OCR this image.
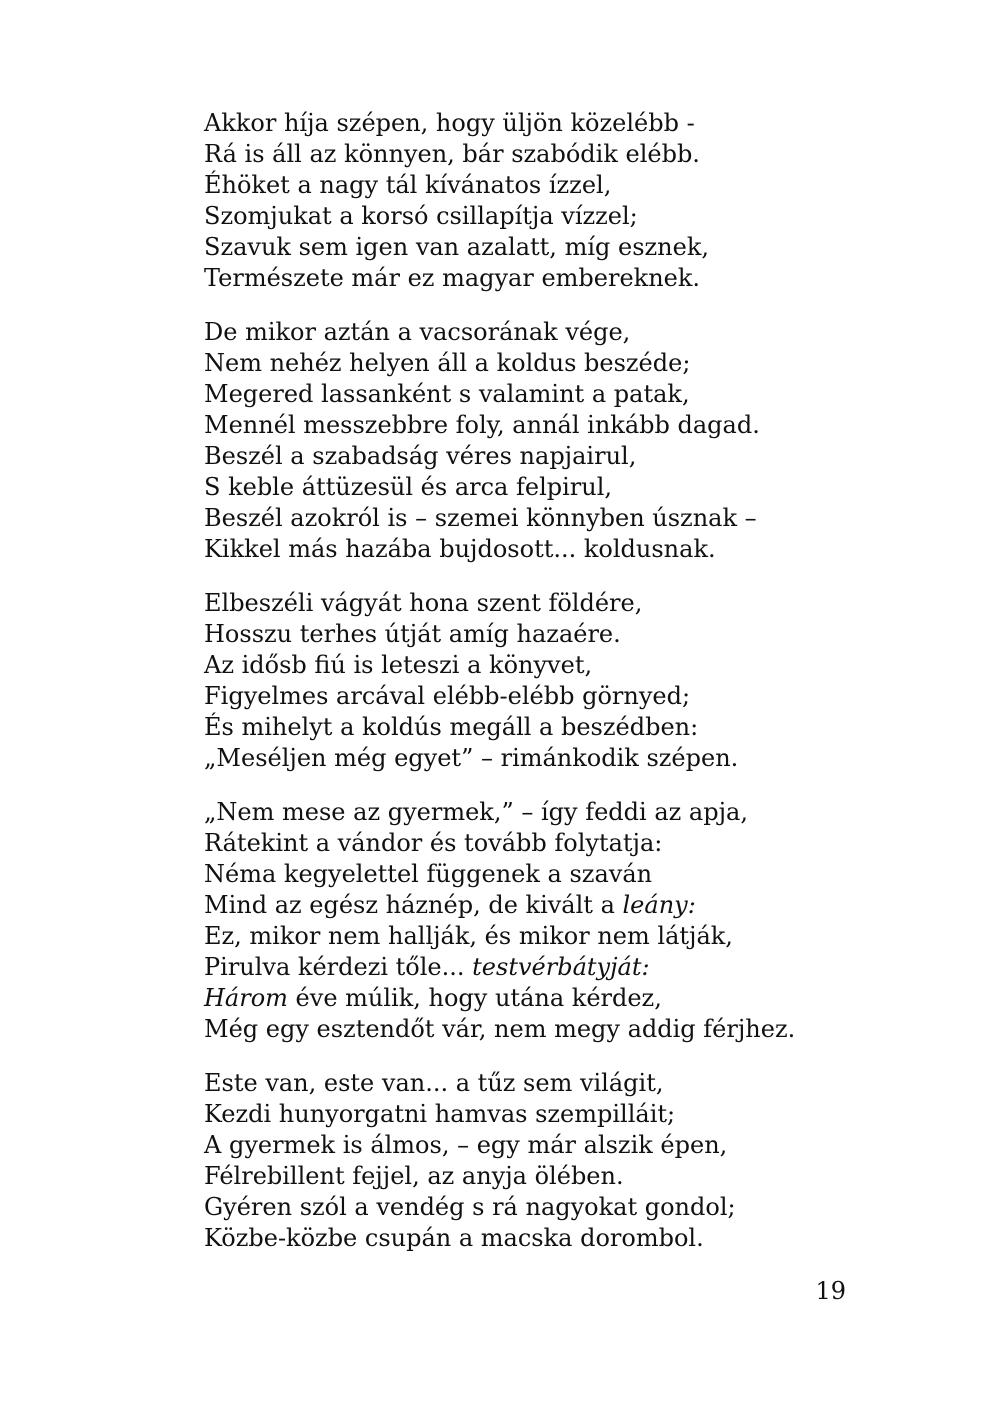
Akkor híja szépen, hogy üljön közelébb -
Rá is áll az könnyen, bár szabódik elébb.
Éhöket a nagy tál kívánatos ízzel,
Szomjukat a korsó csillapítja vízzel;
Szavuk sem igen van azalatt, míg esznek,
Természete már ez magyar embereknek.
De mikor aztán a vacsorának vége,
Nem nehéz helyen áll a koldus beszéde;
Megered lassanként s valamint a patak,
Mennél messzebbre foly, annál inkább dagad.
Beszél a szabadság véres napjairul,
S keble áttüzesül és arca felpirul,
Beszél azokról is – szemei könnyben úsznak –
Kikkel más hazába bujdosott... koldusnak.
Elbeszéli vágyát hona szent földére,
Hosszu terhes útját amíg hazaére.
Az idősb fiú is leteszi a könyvet,
Figyelmes arcával elébb-elébb görnyed;
És mihelyt a koldús megáll a beszédben:
„Meséljen még egyet” – rimánkodik szépen.
„Nem mese az gyermek,” – így feddi az apja,
Rátekint a vándor és tovább folytatja:
Néma kegyelettel függenek a szaván
Mind az egész háznép, de kivált a leány:
Ez, mikor nem hallják, és mikor nem látják,
Pirulva kérdezi tőle... testvérbátyját:
Három éve múlik, hogy utána kérdez,
Még egy esztendőt vár, nem megy addig férjhez.
Este van, este van... a tűz sem világit,
Kezdi hunyorgatni hamvas szempilláit;
A gyermek is álmos, – egy már alszik épen,
Félrebillent fejjel, az anyja ölében.
Gyéren szól a vendég s rá nagyokat gondol;
Közbe-közbe csupán a macska dorombol.
19
